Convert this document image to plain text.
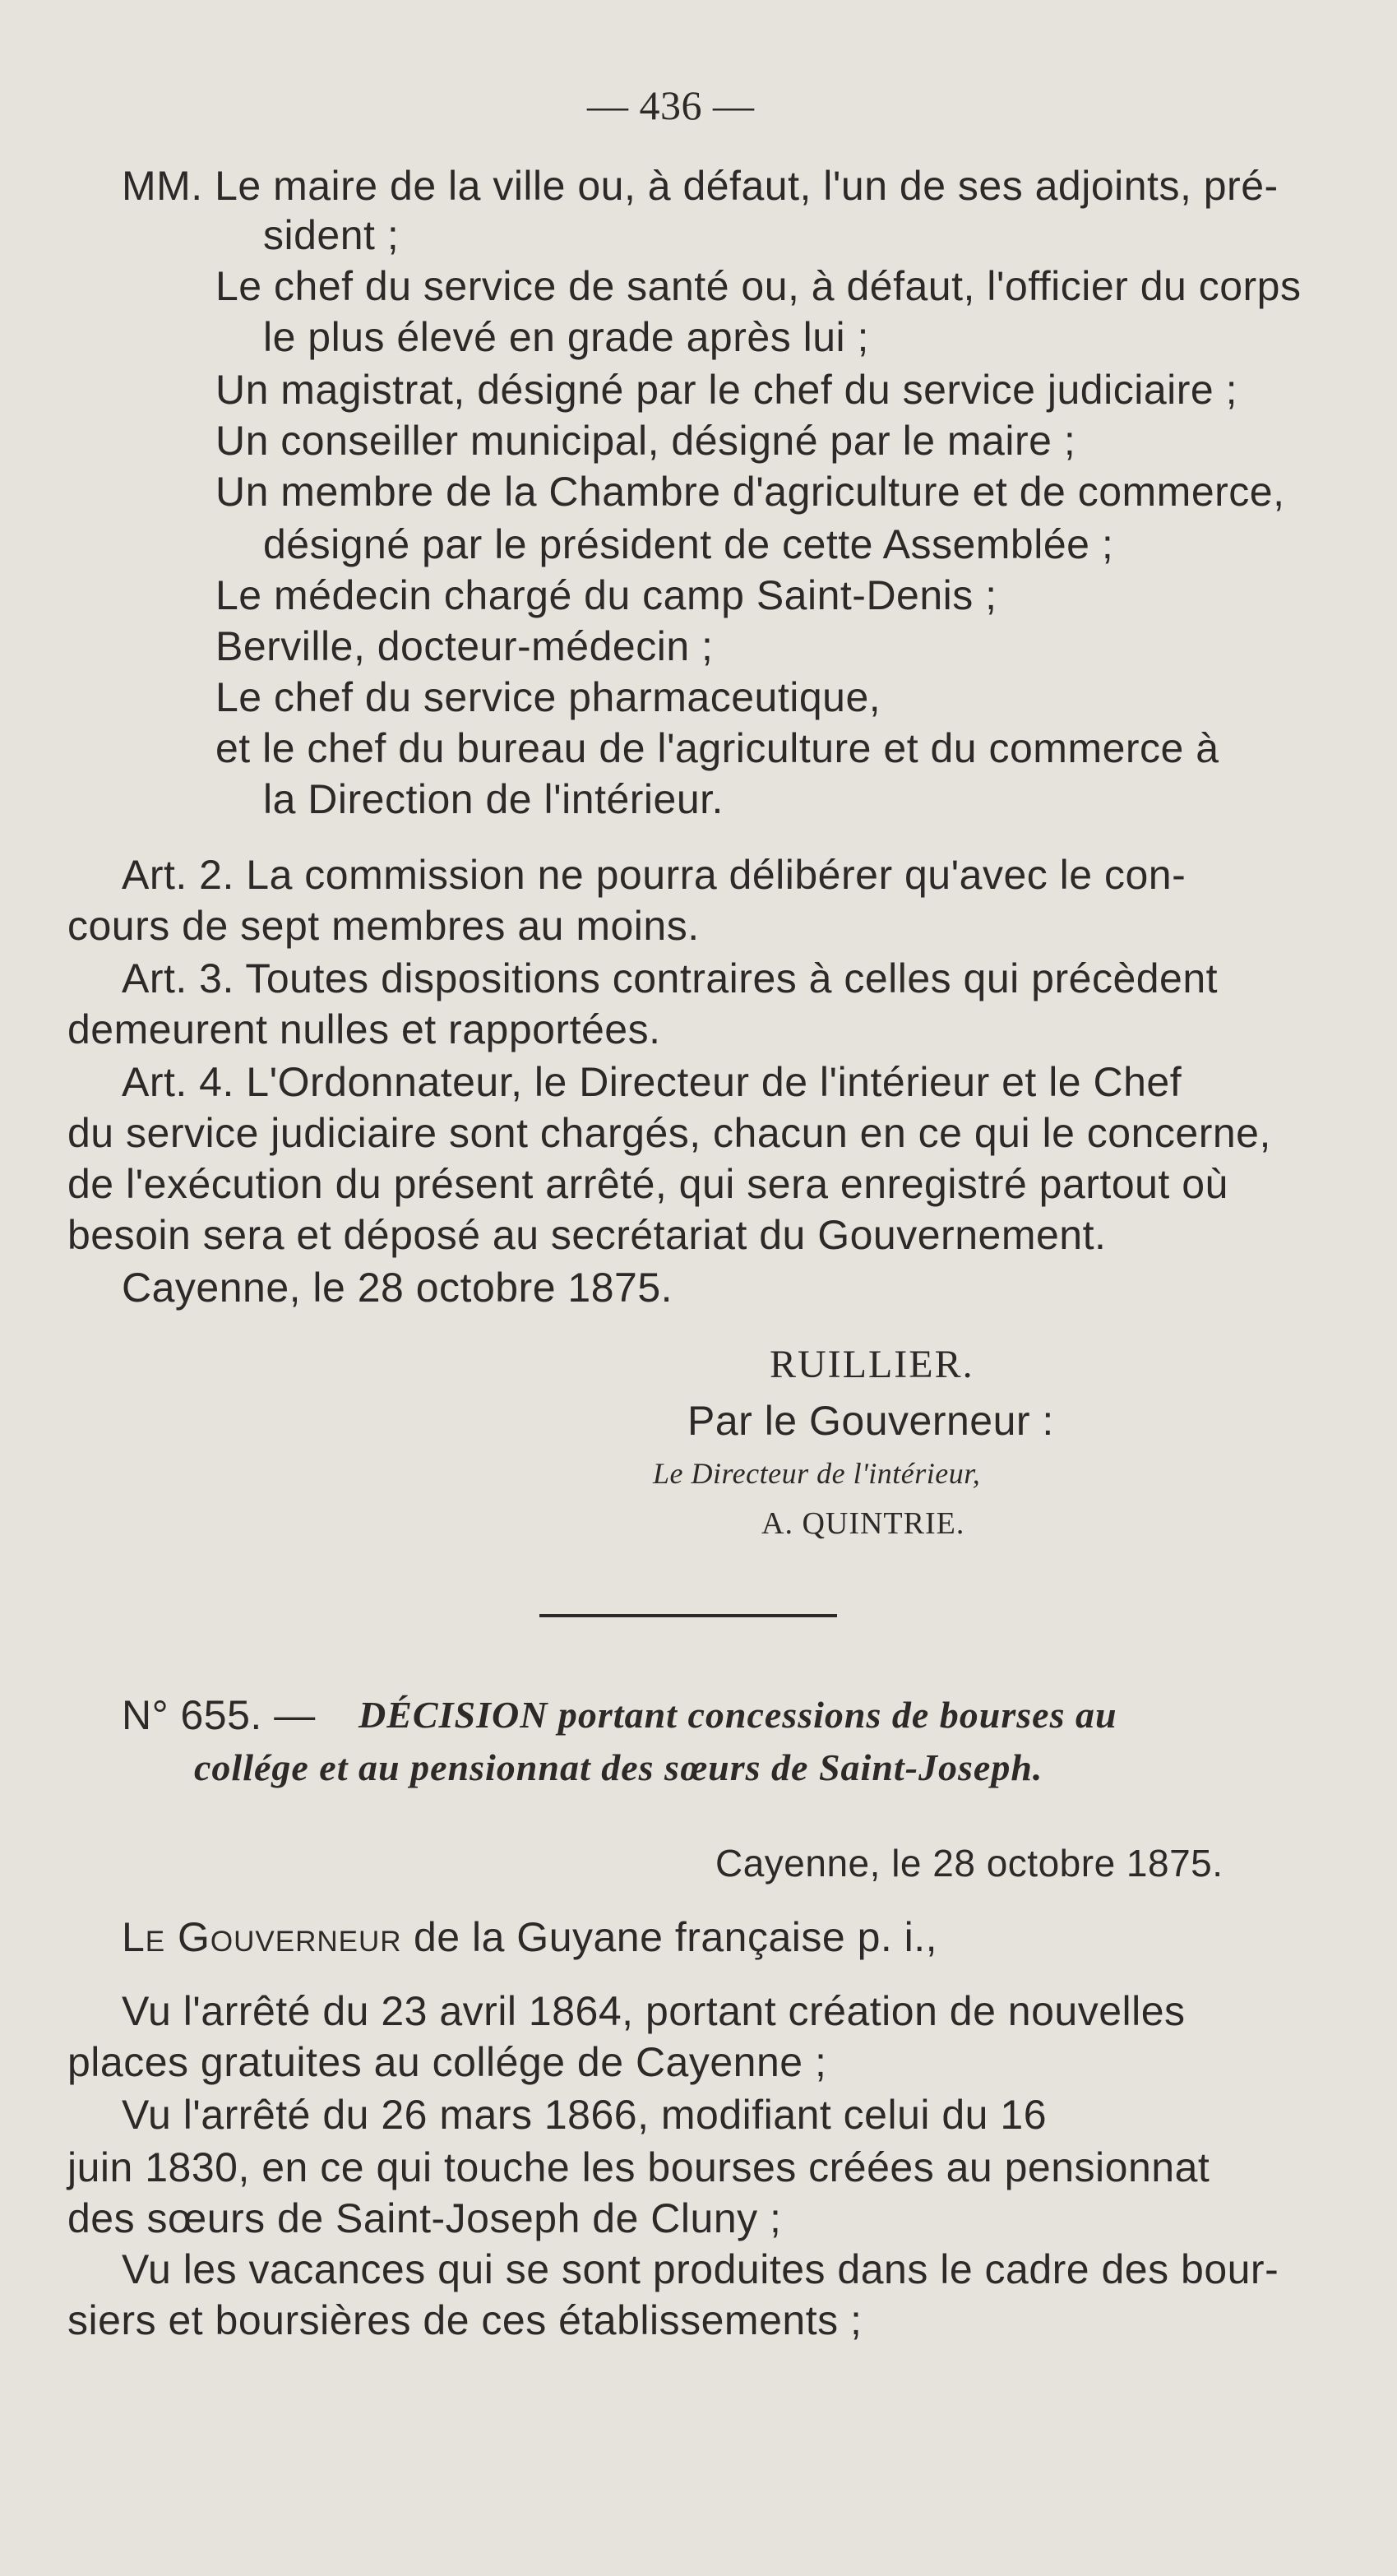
— 436 —
MM. Le maire de la ville ou, à défaut, l'un de ses adjoints, pré-
sident ;
Le chef du service de santé ou, à défaut, l'officier du corps
le plus élevé en grade après lui ;
Un magistrat, désigné par le chef du service judiciaire ;
Un conseiller municipal, désigné par le maire ;
Un membre de la Chambre d'agriculture et de commerce,
désigné par le président de cette Assemblée ;
Le médecin chargé du camp Saint-Denis ;
Berville, docteur-médecin ;
Le chef du service pharmaceutique,
et le chef du bureau de l'agriculture et du commerce à
la Direction de l'intérieur.
Art. 2. La commission ne pourra délibérer qu'avec le con-
cours de sept membres au moins.
Art. 3. Toutes dispositions contraires à celles qui précèdent
demeurent nulles et rapportées.
Art. 4. L'Ordonnateur, le Directeur de l'intérieur et le Chef
du service judiciaire sont chargés, chacun en ce qui le concerne,
de l'exécution du présent arrêté, qui sera enregistré partout où
besoin sera et déposé au secrétariat du Gouvernement.
Cayenne, le 28 octobre 1875.
RUILLIER.
Par le Gouverneur :
Le Directeur de l'intérieur,
A. QUINTRIE.
N° 655. — DÉCISION portant concessions de bourses au
collége et au pensionnat des sœurs de Saint-Joseph.
Cayenne, le 28 octobre 1875.
Le Gouverneur de la Guyane française p. i.,
Vu l'arrêté du 23 avril 1864, portant création de nouvelles
places gratuites au collége de Cayenne ;
Vu l'arrêté du 26 mars 1866, modifiant celui du 16
juin 1830, en ce qui touche les bourses créées au pensionnat
des sœurs de Saint-Joseph de Cluny ;
Vu les vacances qui se sont produites dans le cadre des bour-
siers et boursières de ces établissements ;
